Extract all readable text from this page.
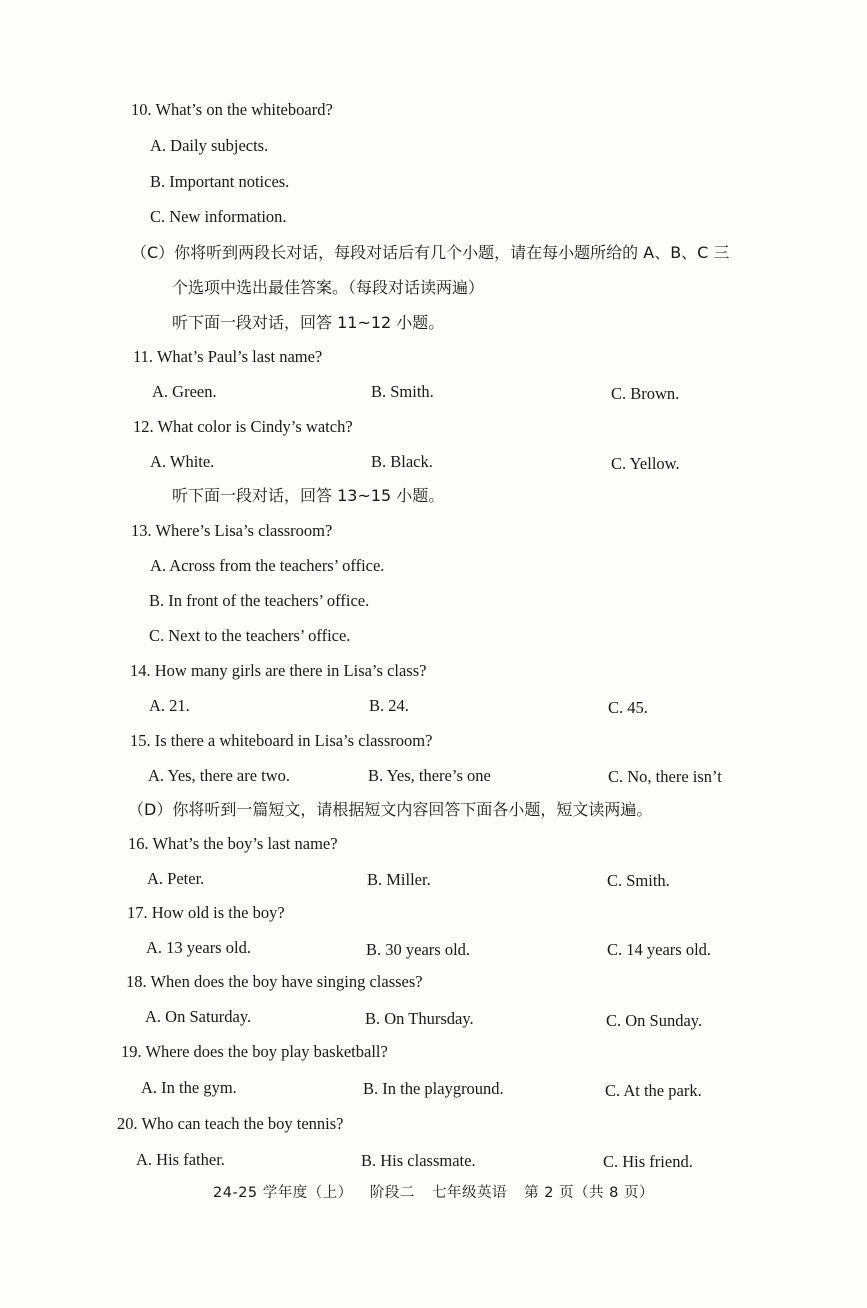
10. What’s on the whiteboard?
A. Daily subjects.
B. Important notices.
C. New information.
（C）你将听到两段长对话，每段对话后有几个小题，请在每小题所给的 A、B、C 三
个选项中选出最佳答案。（每段对话读两遍）
听下面一段对话，回答 11~12 小题。
11. What’s Paul’s last name?
A. Green.	B. Smith.	C. Brown.
12. What color is Cindy’s watch?
A. White.	B. Black.	C. Yellow.
听下面一段对话，回答 13~15 小题。
13. Where’s Lisa’s classroom?
A. Across from the teachers’ office.
B. In front of the teachers’ office.
C. Next to the teachers’ office.
14. How many girls are there in Lisa’s class?
A. 21.	B. 24.	C. 45.
15. Is there a whiteboard in Lisa’s classroom?
A. Yes, there are two.	B. Yes, there’s one	C. No, there isn’t
（D）你将听到一篇短文，请根据短文内容回答下面各小题，短文读两遍。
16. What’s the boy’s last name?
A. Peter.	B. Miller.	C. Smith.
17. How old is the boy?
A. 13 years old.	B. 30 years old.	C. 14 years old.
18. When does the boy have singing classes?
A. On Saturday.	B. On Thursday.	C. On Sunday.
19. Where does the boy play basketball?
A. In the gym.	B. In the playground.	C. At the park.
20. Who can teach the boy tennis?
A. His father.	B. His classmate.	C. His friend.
24-25 学年度（上） 阶段二 七年级英语 第 2 页（共 8 页）
